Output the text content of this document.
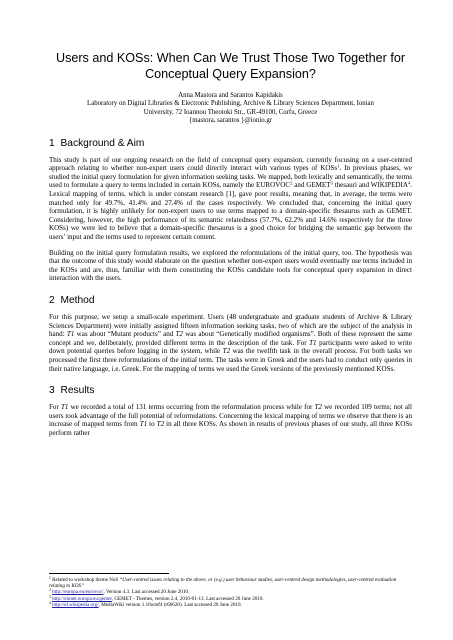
Users and KOSs: When Can We Trust Those Two Together for
Conceptual Query Expansion?
Anna Mastora and Sarantos Kapidakis
Laboratory on Digital Libraries & Electronic Publishing, Archive & Library Sciences Department, Ionian
University, 72 Ioannou Theotoki Str., GR-49100, Corfu, Greece
{mastora, sarantos }@ionio.gr
1 Background & Aim

This study is part of our ongoing research on the field of conceptual query expansion, currently focusing on a user-centred approach relating to whether non-expert users could directly interact with various types of KOSs$^1$. In previous phases, we studied the initial query formulation for given information seeking tasks. We mapped, both lexically and semantically, the terms used to formulate a query to terms included in certain KOSs, namely the EUROVOC$^2$ and GEMET$^3$ thesauri and WIKIPEDIA$^4$. Lexical mapping of terms, which is under constant research [1], gave poor results, meaning that, in average, the terms were matched only for 49.7%, 41.4% and 27.4% of the cases respectively. We concluded that, concerning the initial query formulation, it is highly unlikely for non-expert users to use terms mapped to a domain-specific thesaurus such as GEMET. Considering, however, the high performance of its semantic relatedness (57.7%, 62.2% and 14.6% respectively for the three KOSs) we were led to believe that a domain-specific thesaurus is a good choice for bridging the semantic gap between the users’ input and the terms used to represent certain content.

Building on the initial query formulation results, we explored the reformulations of the initial query, too. The hypothesis was that the outcome of this study would elaborate on the question whether non-expert users would eventually use terms included in the KOSs and are, thus, familiar with them constituting the KOSs candidate tools for conceptual query expansion in direct interaction with the users.

2 Method

For this purpose, we setup a small-scale experiment. Users (48 undergraduate and graduate students of Archive & Library Sciences Department) were initially assigned fifteen information seeking tasks, two of which are the subject of the analysis in hand: T1 was about “Mutant products” and T2 was about “Genetically modified organisms”. Both of these represent the same concept and we, deliberately, provided different terms in the description of the task. For T1 participants were asked to write down potential queries before logging in the system, while T2 was the twelfth task in the overall process. For both tasks we processed the first three reformulations of the initial term. The tasks were in Greek and the users had to conduct only queries in their native language, i.e. Greek. For the mapping of terms we used the Greek versions of the previously mentioned KOSs.

3 Results

For T1 we recorded a total of 131 terms occurring from the reformulation process while for T2 we recorded 109 terms; not all users took advantage of the full potential of reformulations. Concerning the lexical mapping of terms we observe that there is an increase of mapped terms from T1 to T2 in all three KOSs. As shown in results of previous phases of our study, all three KOSs perform rather

$^1$ Related to workshop theme No6 “User-centred issues relating to the above, or (e.g.) user behaviour studies, user-centred design methodologies, user-centred evaluation relating to KOS”

$^2$ http://europa.eu/eurovoc/, Version 4.3. Last accessed 20 June 2010.

$^3$ http://eionet.europa.eu/gemet, GEMET - Themes, version 2.4, 2010-01-13. Last accessed 20 June 2010.

$^4$ http://el.wikipedia.org/, MediaWiki version 1.16wmf4 (r66620). Last accessed 20 June 2010.
